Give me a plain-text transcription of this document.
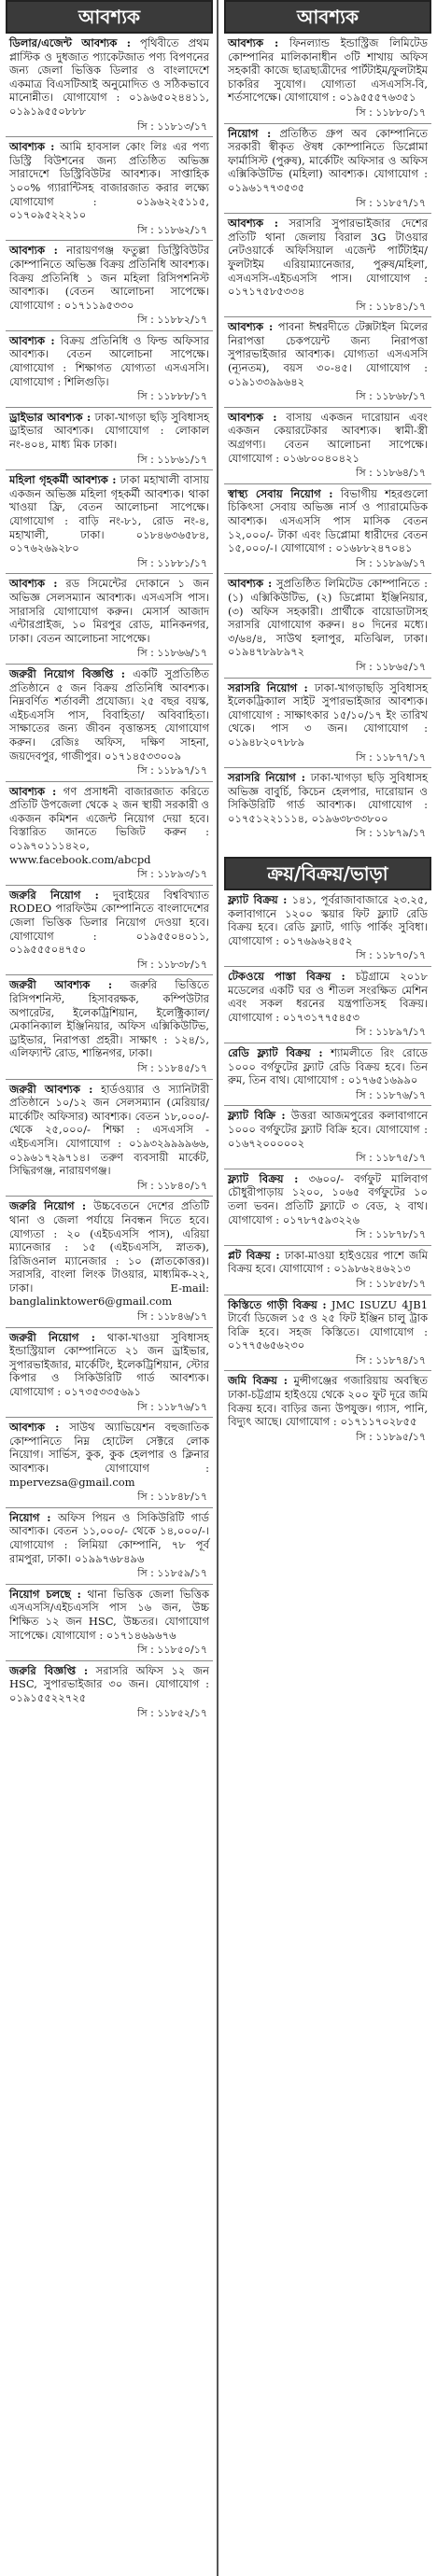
আবশ্যক
ডিলার/এজেন্ট আবশ্যক : পৃথিবীতে প্রথম প্লাস্টিক ও দুধজাত প্যাকেটজাত পণ্য বিপণনের জন্য জেলা ভিত্তিক ডিলার ও বাংলাদেশে একমাত্র বিএসটিআই অনুমোদিত ও সঠিকভাবে মানোন্নীত। যোগাযোগ : ০১৯৬৫০২৪৪১১, ০১৯১৯৫৫০৮৮৮
সি : ১১৮১৩/১৭
আবশ্যক : আমি হাবসাল কোং লিঃ এর পণ্য ডিস্ট্রি বিউশনের জন্য প্রতিষ্ঠিত অভিজ্ঞ সারাদেশে ডিস্ট্রিবিউটর আবশ্যক। সাপ্তাহিক ১০০% গ্যারান্টিসহ বাজারজাত করার লক্ষ্যে যোগাযোগ : ০১৯৬২২৫১১৫, ০১৭০৯৫২২২১০
সি : ১১৮৬২/১৭
আবশ্যক : নারায়ণগঞ্জ ফতুল্লা ডিস্ট্রিবিউটর কোম্পানিতে অভিজ্ঞ বিক্রয় প্রতিনিধি আবশ্যক। বিক্রয় প্রতিনিধি ১ জন মহিলা রিসিপশনিস্ট আবশ্যক। (বেতন আলোচনা সাপেক্ষে। যোগাযোগ : ০১৭১১৯৫৩৩০
সি : ১১৮৮২/১৭
আবশ্যক : বিক্রয় প্রতিনিধি ও ফিল্ড অফিসার আবশ্যক। বেতন আলোচনা সাপেক্ষে। যোগাযোগ : শিক্ষাগত যোগ্যতা এসএসসি। যোগাযোগ : শিলিগুড়ি।
সি : ১১৮৮৮/১৭
ড্রাইভার আবশ্যক : ঢাকা-খাগড়া ছড়ি সুবিধাসহ ড্রাইভার আবশ্যক। যোগাযোগ : লোকাল নং-৪০৪, মাধ্য মিক ঢাকা।
সি : ১১৮৬১/১৭
মহিলা গৃহকর্মী আবশ্যক : ঢাকা মহাখালী বাসায় একজন অভিজ্ঞ মহিলা গৃহকর্মী আবশ্যক। থাকা খাওয়া ফ্রি, বেতন আলোচনা সাপেক্ষে। যোগাযোগ : বাড়ি নং-৮১, রোড নং-৪, মহাখালী, ঢাকা। ০১৮৪৬৩৬৫৮৪, ০১৭৬২৬৯২৮০
সি : ১১৮৮১/১৭
আবশ্যক : রড সিমেন্টের দোকানে ১ জন অভিজ্ঞ সেলসম্যান আবশ্যক। এসএসসি পাস। সারাসরি যোগাযোগ করুন। মেসার্স আজাদ এন্টারপ্রাইজ, ১০ মিরপুর রোড, মানিকনগর, ঢাকা। বেতন আলোচনা সাপেক্ষে।
সি : ১১৮৬৬/১৭
জরুরী নিয়োগ বিজ্ঞপ্তি : একটি সুপ্রতিষ্ঠিত প্রতিষ্ঠানে ৫ জন বিক্রয় প্রতিনিধি আবশ্যক। নিম্নবর্ণিত শর্তাবলী প্রযোজ্য। ২৫ বছর বয়স্ক, এইচএসসি পাস, বিবাহিতা/ অবিবাহিতা। সাক্ষাতের জন্য জীবন বৃত্তান্তসহ যোগাযোগ করুন। রেজিঃ অফিস, দক্ষিণ সাহনা, জয়দেবপুর, গাজীপুর। ০১৭১৪৫৩৩০০৯
সি : ১১৮৯৭/১৭
আবশ্যক : গণ প্রসাধনী বাজারজাত করিতে প্রতিটি উপজেলা থেকে ২ জন স্থায়ী সরকারী ও একজন কমিশন এজেন্ট নিয়োগ দেয়া হবে। বিস্তারিত জানতে ভিজিট করুন : ০১৯৭০১১১৪২০, www.facebook.com/abcpd
সি : ১১৮৯৩/১৭
জরুরি নিয়োগ : দুবাইয়ের বিশ্ববিখ্যাত RODEO পারফিউম কোম্পানিতে বাংলাদেশের জেলা ভিত্তিক ডিলার নিয়োগ দেওয়া হবে। যোগাযোগ : ০১৯৫৫০৪০১১, ০১৯৫৫৫০৪৭৫০
সি : ১১৮৩৮/১৭
জরুরী আবশ্যক : জরুরি ভিত্তিতে রিসিপশনিস্ট, হিসাবরক্ষক, কম্পিউটার অপারেটর, ইলেকট্রিশিয়ান, ইলেক্ট্রিক্যাল/মেকানিক্যাল ইঞ্জিনিয়ার, অফিস এক্সিকিউটিভ, ড্রাইভার, নিরাপত্তা প্রহরী। সাক্ষাৎ : ১২৪/১, এলিফ্যান্ট রোড, শান্তিনগর, ঢাকা।
সি : ১১৮৪৫/১৭
জরুরী আবশ্যক : হার্ডওয়্যার ও স্যানিটারী প্রতিষ্ঠানে ১০/১২ জন সেলসম্যান (মেরিয়ার/মার্কেটিং অফিসার) আবশ্যক। বেতন ১৮,০০০/- থেকে ২৫,০০০/- শিক্ষা : এসএসসি - এইচএসসি। যোগাযোগ : ০১৯৩২৯৯৯৯৬৬, ০১৯৬১৭২৯৭১৪। তরুণ ব্যবসায়ী মার্কেট, সিদ্ধিরগঞ্জ, নারায়ণগঞ্জ।
সি : ১১৮৪০/১৭
জরুরি নিয়োগ : উচ্চবেতনে দেশের প্রতিটি থানা ও জেলা পর্যায়ে নিবন্ধন দিতে হবে। যোগ্যতা : ২০ (এইচএসসি পাস), এরিয়া ম্যানেজার : ১৫ (এইচএসসি, স্নাতক), রিজিওনাল ম্যানেজার : ১০ (স্নাতকোত্তর)। সরাসরি, বাংলা লিংক টাওয়ার, মাধ্যমিক-২২, ঢাকা। E-mail: banglalinktower6@gmail.com
সি : ১১৮৪৬/১৭
জরুরী নিয়োগ : থাকা-খাওয়া সুবিধাসহ ইন্ডাস্ট্রিয়াল কোম্পানিতে ২১ জন ড্রাইভার, সুপারভাইজার, মার্কেটিং, ইলেকট্রিশিয়ান, স্টোর কিপার ও সিকিউরিটি গার্ড আবশ্যক। যোগাযোগ : ০১৭৩৫৩৩৫৬৯১
সি : ১১৮৭৬/১৭
আবশ্যক : সাউথ অ্যাভিয়েশন বহুজাতিক কোম্পানিতে নিম্ন হোটেল সেক্টরে লোক নিয়োগ। সার্ভিস, কুক, কুক হেলপার ও ক্লিনার আবশ্যক। যোগাযোগ : mpervezsa@gmail.com
সি : ১১৮৪৮/১৭
নিয়োগ : অফিস পিয়ন ও সিকিউরিটি গার্ড আবশ্যক। বেতন ১১,০০০/- থেকে ১৪,০০০/-। যোগাযোগ : লিমিয়া কোম্পানি, ৭৮ পূর্ব রামপুরা, ঢাকা। ০১৯৯৭৬৮৪৯৬
সি : ১১৮৫৯/১৭
নিয়োগ চলছে : থানা ভিত্তিক জেলা ভিত্তিক এসএসসি/এইচএসসি পাস ১৬ জন, উচ্চ শিক্ষিত ১২ জন HSC, উচ্চতর। যোগাযোগ সাপেক্ষে। যোগাযোগ : ০১৭১৪৬৯৬৭৬
সি : ১১৮৫০/১৭
জরুরি বিজ্ঞপ্তি : সরাসরি অফিস ১২ জন HSC, সুপারভাইজার ৩০ জন। যোগাযোগ : ০১৯১৫৫২২৭২৫
সি : ১১৮৫২/১৭
আবশ্যক
আবশ্যক : ফিনল্যান্ড ইন্ডাস্ট্রিজ লিমিটেড কোম্পানির মালিকানাধীন ৩টি শাখায় অফিস সহকারী কাজে ছাত্রছাত্রীদের পার্টটাইম/ফুলটাইম চাকরির সুযোগ। যোগ্যতা এসএসসি-বি, শর্তসাপেক্ষে। যোগাযোগ : ০১৯৫৫৫৭৬৩৫১
সি : ১১৮৮০/১৭
নিয়োগ : প্রতিষ্ঠিত গ্রুপ অব কোম্পানিতে সরকারী স্বীকৃত ঔষধ কোম্পানিতে ডিপ্লোমা ফার্মাসিস্ট (পুরুষ), মার্কেটিং অফিসার ও অফিস এক্সিকিউটিভ (মহিলা) আবশ্যক। যোগাযোগ : ০১৯৬১৭৭৩৫৩৫
সি : ১১৮৫৭/১৭
আবশ্যক : সরাসরি সুপারভাইজার দেশের প্রতিটি থানা জেলায় বিরাল 3G টাওয়ার নেটওয়ার্কে অফিসিয়াল এজেন্ট পার্টটাইম/ফুলটাইম এরিয়াম্যানেজার, পুরুষ/মহিলা, এসএসসি-এইচএসসি পাস। যোগাযোগ : ০১৭১৭৫৮৫৩৩৪
সি : ১১৮৪১/১৭
আবশ্যক : পাবনা ঈশ্বরদীতে টেক্সটাইল মিলের নিরাপত্তা চেকপয়েন্ট জন্য নিরাপত্তা সুপারভাইজার আবশ্যক। যোগ্যতা এসএসসি (ন্যূনতম), বয়স ৩০-৪৫। যোগাযোগ : ০১৯১৩৩৯৯৬৪২
সি : ১১৮৬৮/১৭
আবশ্যক : বাসায় একজন দারোয়ান এবং একজন কেয়ারটেকার আবশ্যক। স্বামী-স্ত্রী অগ্রগণ্য। বেতন আলোচনা সাপেক্ষে। যোগাযোগ : ০১৬৮০০৪০৪২১
সি : ১১৮৬৪/১৭
স্বাস্থ্য সেবায় নিয়োগ : বিভাগীয় শহরগুলো চিকিৎসা সেবায় অভিজ্ঞ নার্স ও প্যারামেডিক আবশ্যক। এসএসসি পাস মাসিক বেতন ১২,০০০/- টাকা এবং ডিপ্লোমা ধারীদের বেতন ১৫,০০০/-। যোগাযোগ : ০১৬৮৮২৪৭০৪১
সি : ১১৮৯৬/১৭
আবশ্যক : সুপ্রতিষ্ঠিত লিমিটেড কোম্পানিতে : (১) এক্সিকিউটিভ, (২) ডিপ্লোমা ইঞ্জিনিয়ার, (৩) অফিস সহকারী। প্রার্থীকে বায়োডাটাসহ সরাসরি যোগাযোগ করুন। ৪০ দিনের মধ্যে। ৩/৬৪/৪, সাউথ হলাপুর, মতিঝিল, ঢাকা। ০১৯৪৭৮৯৮৯৭২
সি : ১১৮৬৫/১৭
সরাসরি নিয়োগ : ঢাকা-খাগড়াছড়ি সুবিধাসহ ইলেকট্রিক্যাল সাইট সুপারভাইজার আবশ্যক। যোগাযোগ : সাক্ষাৎকার ১৫/১০/১৭ ইং তারিখ থেকে। পাস ৩ জন। যোগাযোগ : ০১৯৪৮২০৭৮৮৯
সি : ১১৮৭৭/১৭
সরাসরি নিয়োগ : ঢাকা-খাগড়া ছড়ি সুবিধাসহ অভিজ্ঞ বাবুর্চি, কিচেন হেলপার, দারোয়ান ও সিকিউরিটি গার্ড আবশ্যক। যোগাযোগ : ০১৭৫১২২১১১৪, ০১৯৬৩৮৩৩৮০০
সি : ১১৮৭৯/১৭
ক্রয়/বিক্রয়/ভাড়া
ফ্ল্যাট বিক্রয় : ১৪১, পূর্বরাজাবাজারে ২৩.২৫, কলাবাগানে ১২০০ স্কয়ার ফিট ফ্ল্যাট রেডি বিক্রয় হবে। রেডি ফ্ল্যাট, গাড়ি পার্কিং সুবিধা। যোগাযোগ : ০১৭৬৯৬২৪৫২
সি : ১১৮৭০/১৭
টেকওয়ে পাস্তা বিক্রয় : চট্টগ্রামে ২০১৮ মডেলের একটি ঘর ও শীতল সংরক্ষিত মেশিন এবং সকল ধরনের যন্ত্রপাতিসহ বিক্রয়। যোগাযোগ : ০১৭৩১৭৭৫৪৫৩
সি : ১১৮৯৭/১৭
রেডি ফ্ল্যাট বিক্রয় : শ্যামলীতে রিং রোডে ১০০০ বর্গফুটের ফ্ল্যাট রেডি বিক্রয় হবে। তিন রুম, তিন বাথ। যোগাযোগ : ০১৭৬৫১৬৯৯০
সি : ১১৮৭৬/১৭
ফ্ল্যাট বিক্রি : উত্তরা আজমপুরের কলাবাগানে ১০০০ বর্গফুটের ফ্ল্যাট বিক্রি হবে। যোগাযোগ : ০১৬৭২০০০০০২
সি : ১১৮৭৫/১৭
ফ্ল্যাট বিক্রয় : ৩৬০০/- বর্গফুট মালিবাগ চৌধুরীপাড়ায় ১২০০, ১০৬৫ বর্গফুটের ১০ তলা ভবন। প্রতিটি ফ্ল্যাটে ৩ বেড, ২ বাথ। যোগাযোগ : ০১৭৮৭৫৯৩২২৬
সি : ১১৮৭৮/১৭
প্লট বিক্রয় : ঢাকা-মাওয়া হাইওয়ের পাশে জমি বিক্রয় হবে। যোগাযোগ : ০১৯৮৬২৪৬২১৩
সি : ১১৮৫৮/১৭
কিস্তিতে গাড়ী বিক্রয় : JMC ISUZU 4JB1 টার্বো ডিজেল ১৫ ও ২৫ ফিট ইঞ্জিন চালু ট্রাক বিক্রি হবে। সহজ কিস্তিতে। যোগাযোগ : ০১৭৭৫৬৫৬২৩০
সি : ১১৮৭৪/১৭
জমি বিক্রয় : মুন্সীগঞ্জের গজারিয়ায় অবস্থিত ঢাকা-চট্টগ্রাম হাইওয়ে থেকে ২০০ ফুট দূরে জমি বিক্রয় হবে। বাড়ির জন্য উপযুক্ত। গ্যাস, পানি, বিদ্যুৎ আছে। যোগাযোগ : ০১৭১১৭০২৮৫৫
সি : ১১৮৯৫/১৭
